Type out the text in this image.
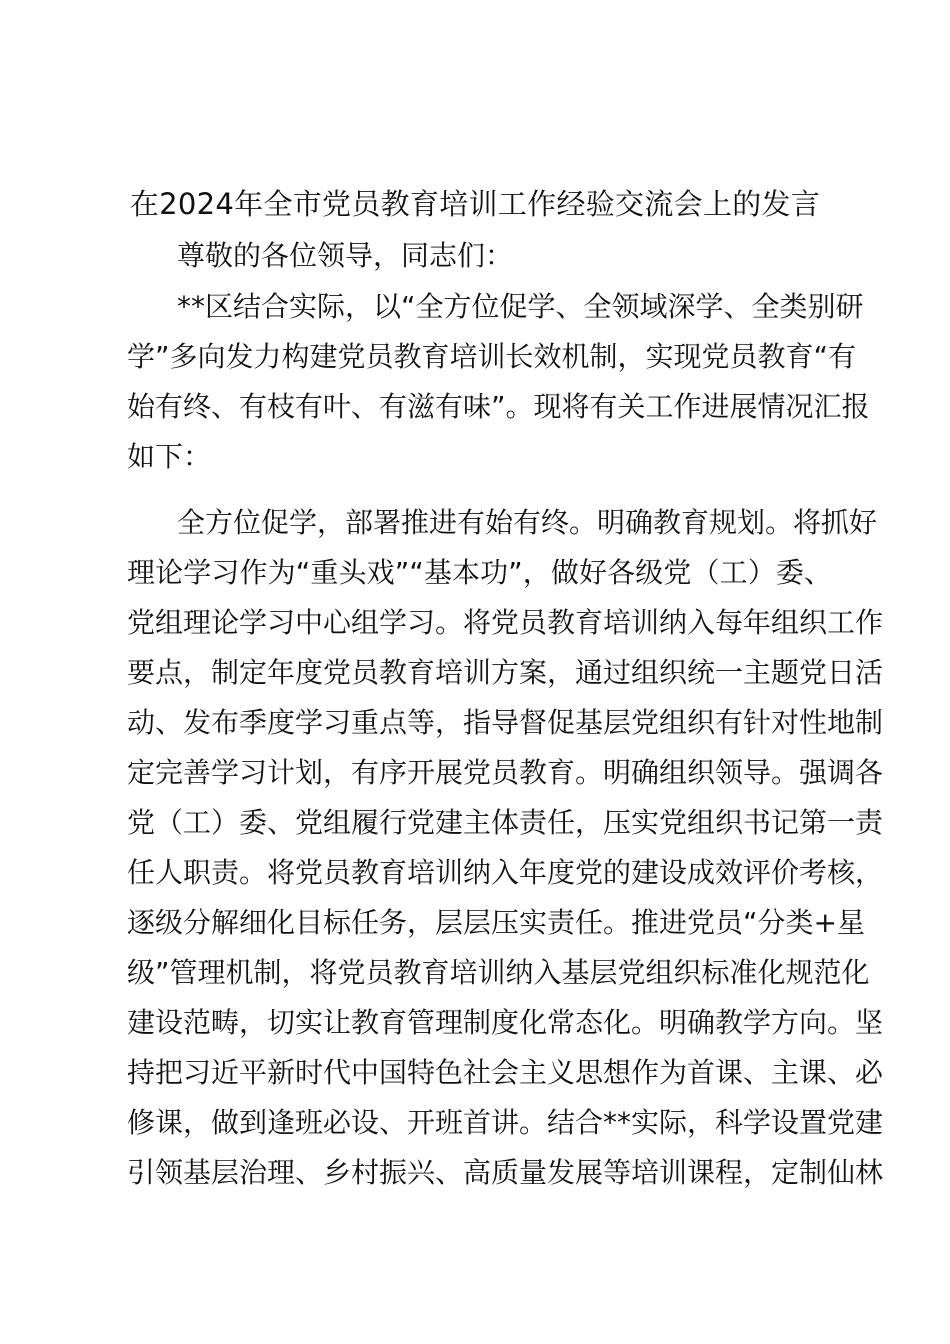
在2024年全市党员教育培训工作经验交流会上的发言
尊敬的各位领导，同志们：
**区结合实际，以“全方位促学、全领域深学、全类别研
学”多向发力构建党员教育培训长效机制，实现党员教育“有
始有终、有枝有叶、有滋有味”。现将有关工作进展情况汇报
如下：
全方位促学，部署推进有始有终。明确教育规划。将抓好
理论学习作为“重头戏”“基本功”，做好各级党（工）委、
党组理论学习中心组学习。将党员教育培训纳入每年组织工作
要点，制定年度党员教育培训方案，通过组织统一主题党日活
动、发布季度学习重点等，指导督促基层党组织有针对性地制
定完善学习计划，有序开展党员教育。明确组织领导。强调各
党（工）委、党组履行党建主体责任，压实党组织书记第一责
任人职责。将党员教育培训纳入年度党的建设成效评价考核，
逐级分解细化目标任务，层层压实责任。推进党员“分类+星
级”管理机制，将党员教育培训纳入基层党组织标准化规范化
建设范畴，切实让教育管理制度化常态化。明确教学方向。坚
持把习近平新时代中国特色社会主义思想作为首课、主课、必
修课，做到逢班必设、开班首讲。结合**实际，科学设置党建
引领基层治理、乡村振兴、高质量发展等培训课程，定制仙林
